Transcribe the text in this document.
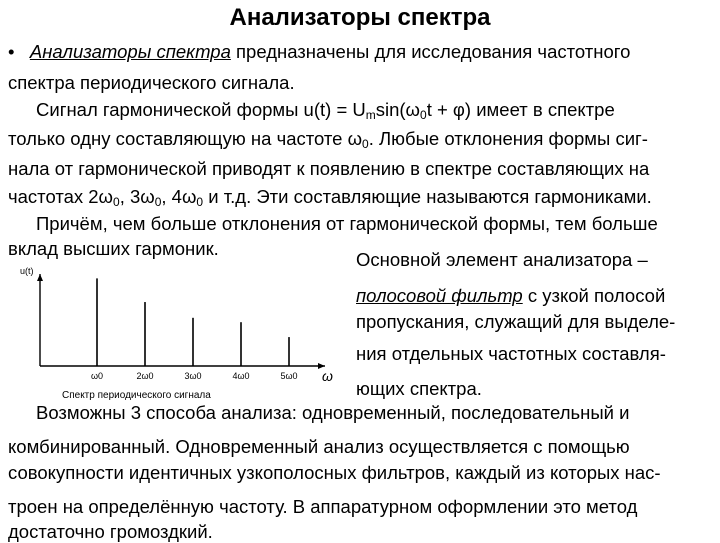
Анализаторы спектра
• Анализаторы спектра предназначены для исследования частотного
спектра периодического сигнала.
Сигнал гармонической формы $u(t) = U_m\sin(\omega_0t + \varphi)$ имеет в спектре
только одну составляющую на частоте $\omega_0$. Любые отклонения формы сиг-
нала от гармонической приводят к появлению в спектре составляющих на
частотах $2\omega_0$, $3\omega_0$, $4\omega_0$ и т.д. Эти составляющие называются гармониками.
Причём, чем больше отклонения от гармонической формы, тем больше
вклад высших гармоник.
Основной элемент анализатора –
полосовой фильтр с узкой полосой
пропускания, служащий для выделе-
ния отдельных частотных составля-
ющих спектра.
ω0	2ω0	3ω0	4ω0	5ω0
u(t)
Спектр периодического сигнала
ω
Возможны 3 способа анализа: одновременный, последовательный и
комбинированный. Одновременный анализ осуществляется с помощью
совокупности идентичных узкополосных фильтров, каждый из которых нас-
троен на определённую частоту. В аппаратурном оформлении это метод
достаточно громоздкий.
